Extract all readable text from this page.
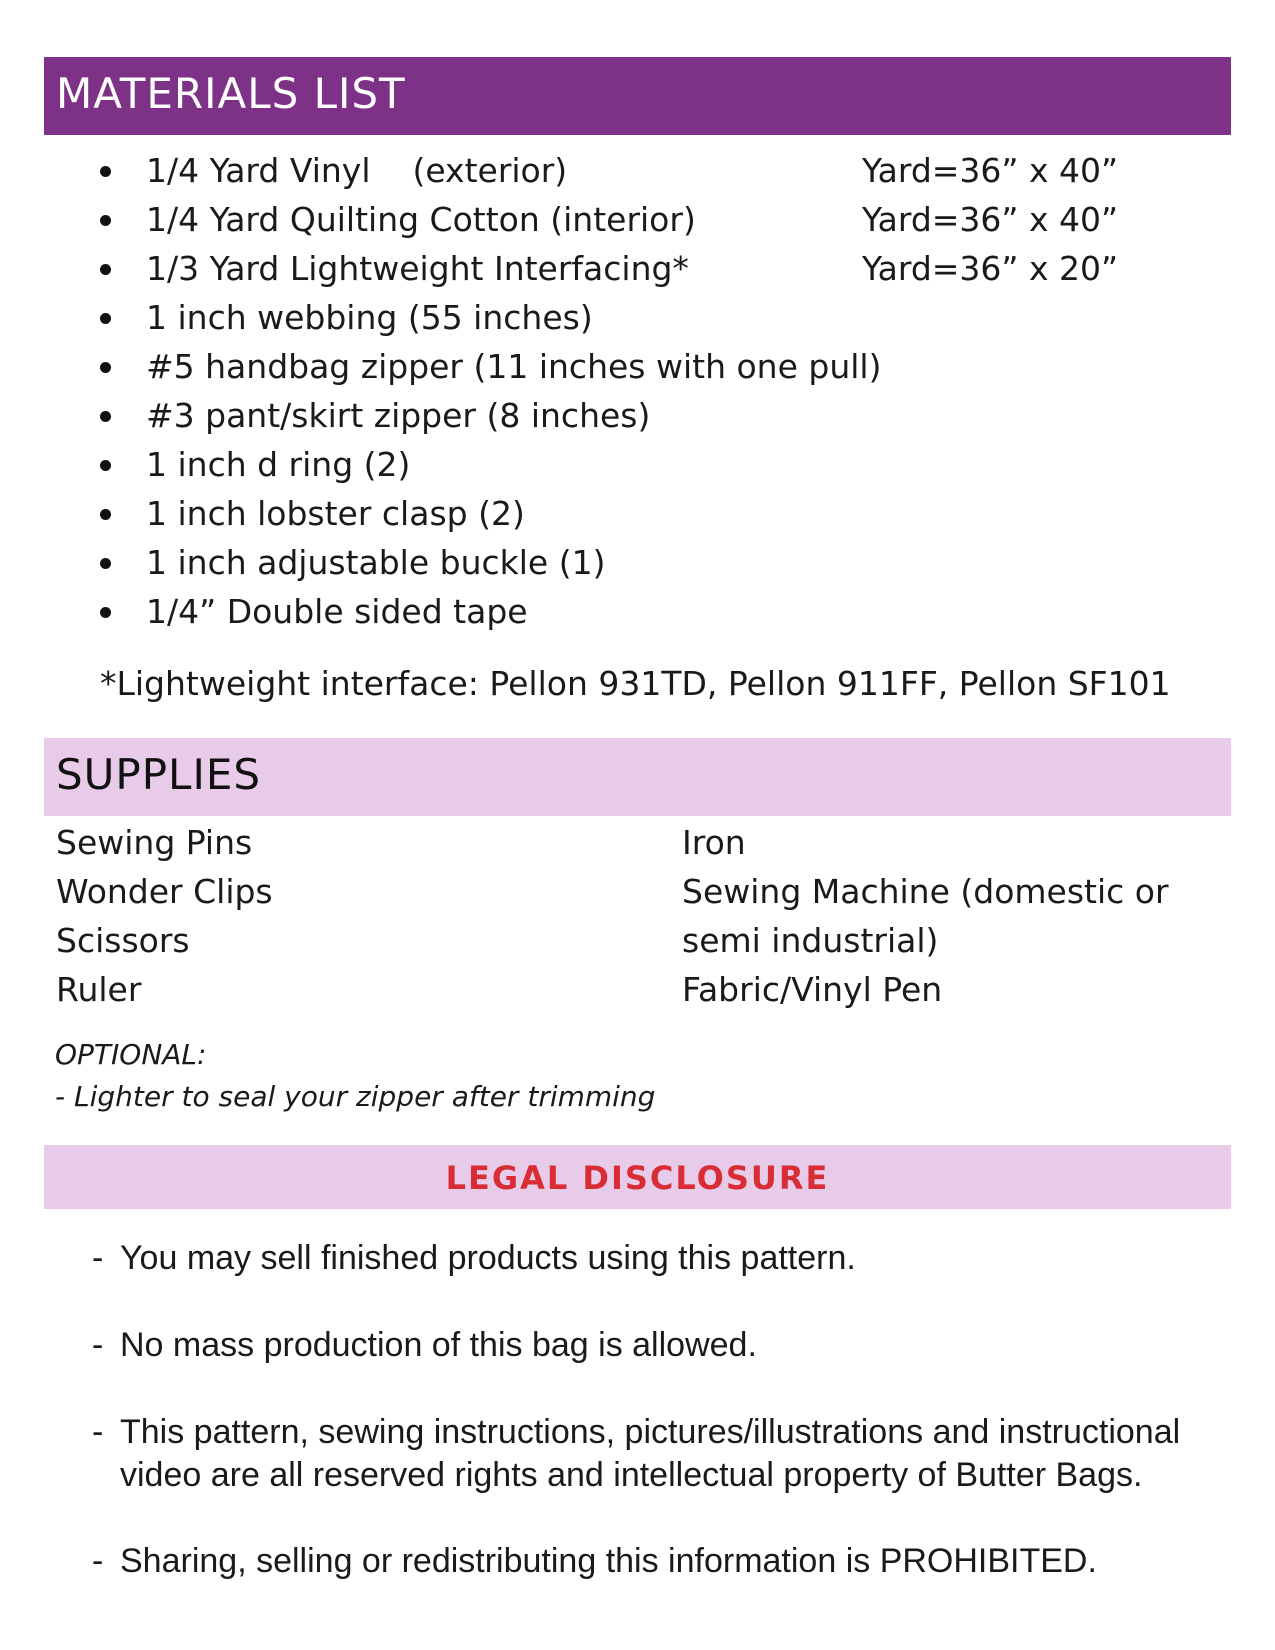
MATERIALS LIST
1/4 Yard Vinyl    (exterior)	Yard=36” x 40”
1/4 Yard Quilting Cotton (interior)	Yard=36” x 40”
1/3 Yard Lightweight Interfacing*	Yard=36” x 20”
1 inch webbing (55 inches)
#5 handbag zipper (11 inches with one pull)
#3 pant/skirt zipper (8 inches)
1 inch d ring (2)
1 inch lobster clasp (2)
1 inch adjustable buckle (1)
1/4” Double sided tape
*Lightweight interface: Pellon 931TD, Pellon 911FF, Pellon SF101
SUPPLIES
Sewing Pins
Wonder Clips
Scissors
Ruler
Iron
Sewing Machine (domestic or
semi industrial)
Fabric/Vinyl Pen
OPTIONAL:
- Lighter to seal your zipper after trimming
LEGAL DISCLOSURE
- You may sell finished products using this pattern.
- No mass production of this bag is allowed.
- This pattern, sewing instructions, pictures/illustrations and instructional
video are all reserved rights and intellectual property of Butter Bags.
- Sharing, selling or redistributing this information is PROHIBITED.
